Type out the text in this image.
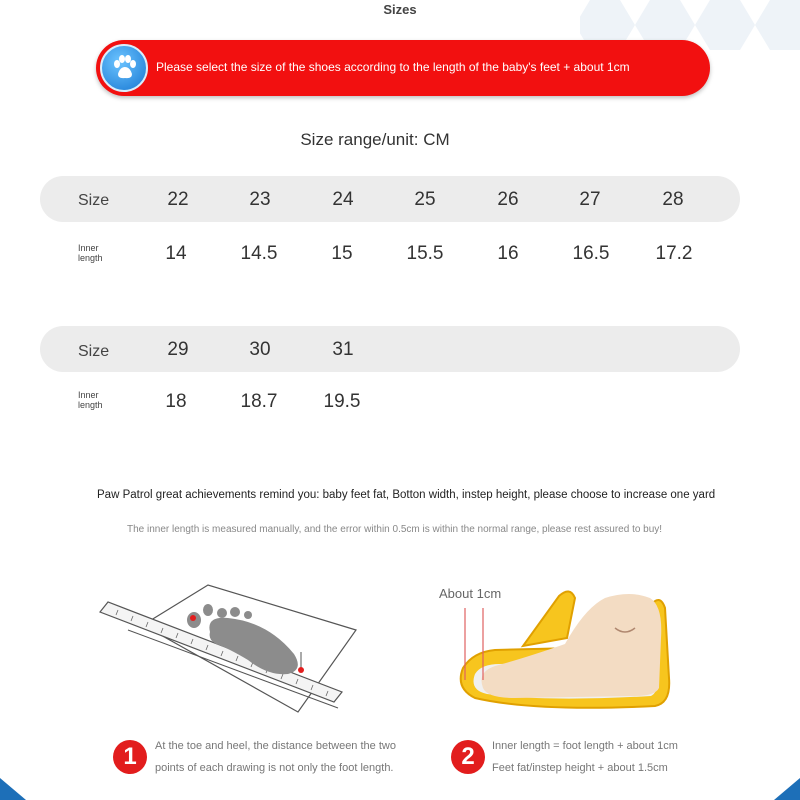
Sizes
Please select the size of the shoes according to the length of the baby's feet + about 1cm
Size range/unit: CM
Size	22	23	24	25	26	27	28
Inner
length	14	14.5	15	15.5	16	16.5	17.2
Size	29	30	31
Inner
length	18	18.7	19.5
Paw Patrol great achievements remind you: baby feet fat, Botton width, instep height, please choose to increase one yard
The inner length is measured manually, and the error within 0.5cm is within the normal range, please rest assured to buy!
About 1cm
1	At the toe and heel, the distance between the two
points of each drawing is not only the foot length.	2	Inner length = foot length + about 1cm
Feet fat/instep height + about 1.5cm
